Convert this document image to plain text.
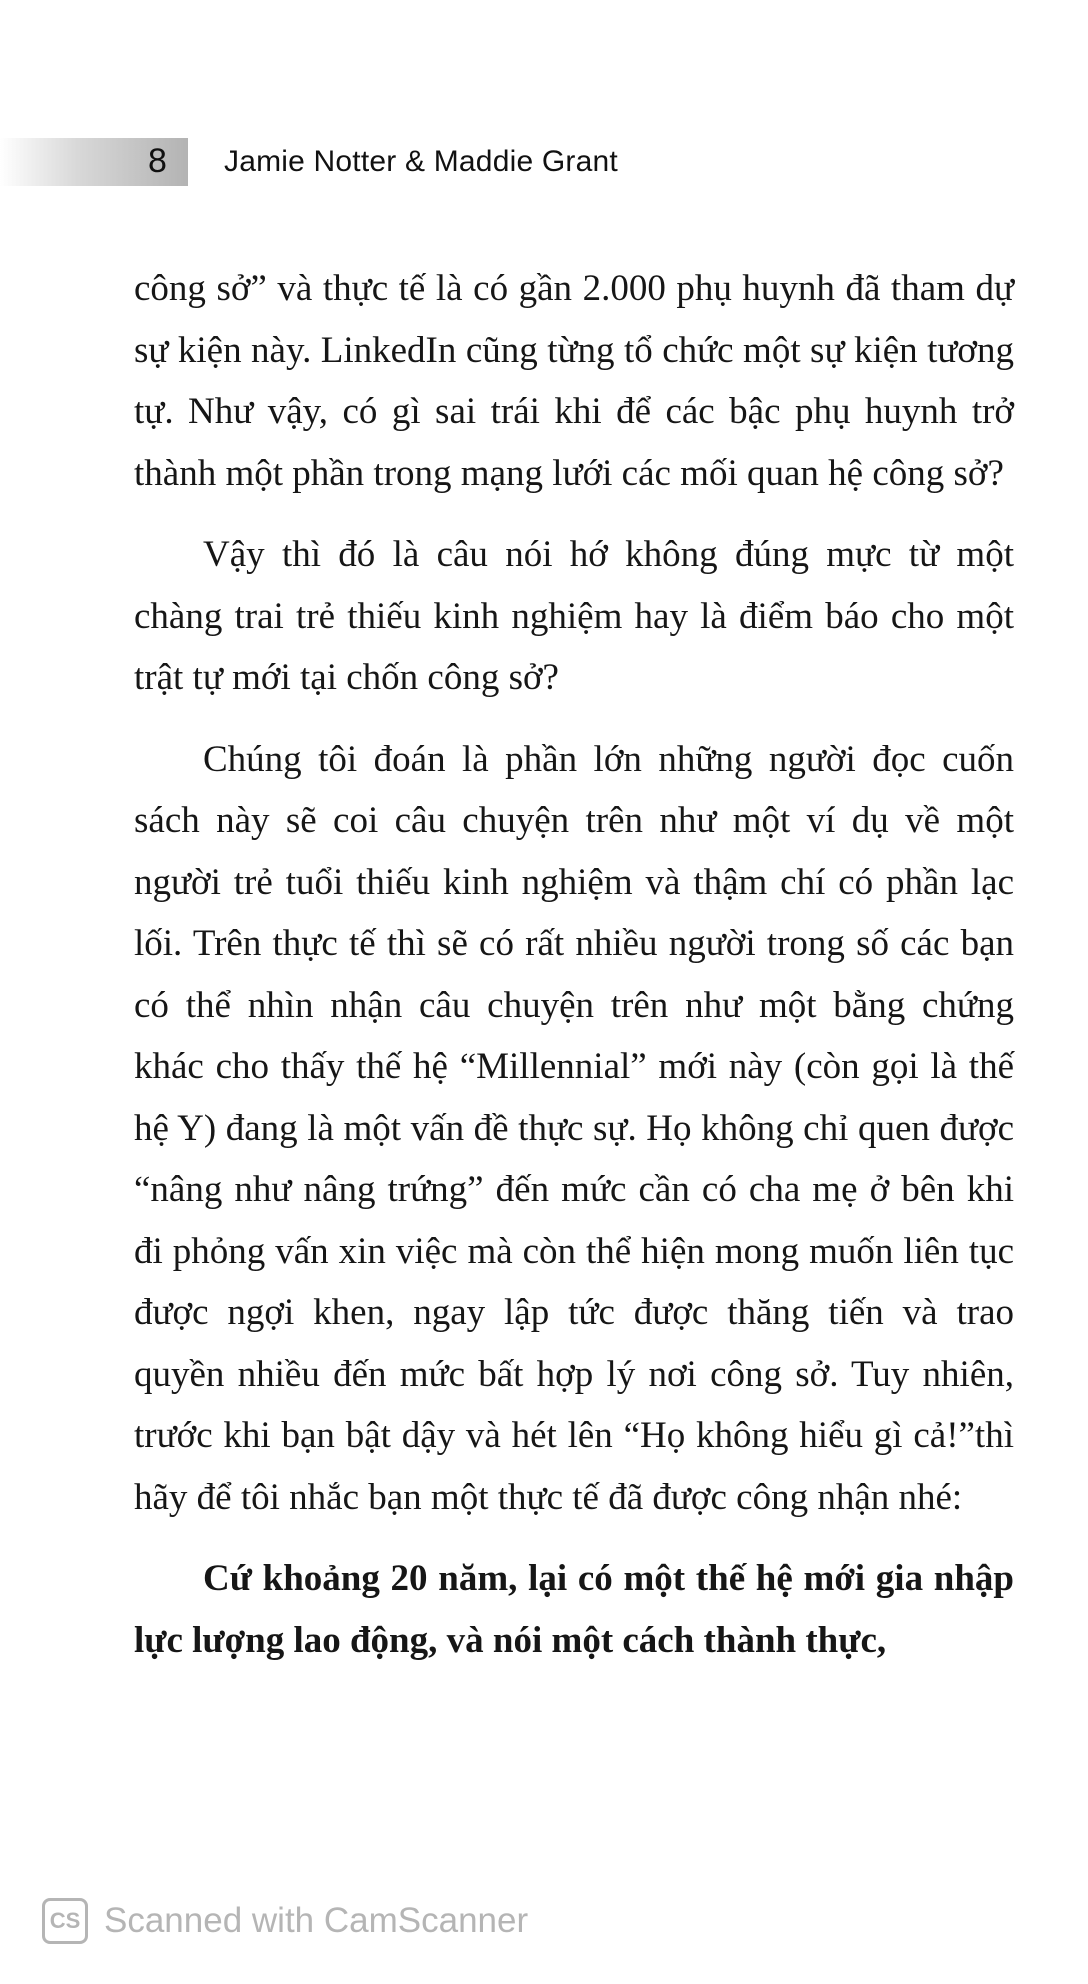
8 Jamie Notter & Maddie Grant

công sở” và thực tế là có gần 2.000 phụ huynh đã tham dự sự kiện này. LinkedIn cũng từng tổ chức một sự kiện tương tự. Như vậy, có gì sai trái khi để các bậc phụ huynh trở thành một phần trong mạng lưới các mối quan hệ công sở?

Vậy thì đó là câu nói hớ không đúng mực từ một chàng trai trẻ thiếu kinh nghiệm hay là điểm báo cho một trật tự mới tại chốn công sở?

Chúng tôi đoán là phần lớn những người đọc cuốn sách này sẽ coi câu chuyện trên như một ví dụ về một người trẻ tuổi thiếu kinh nghiệm và thậm chí có phần lạc lối. Trên thực tế thì sẽ có rất nhiều người trong số các bạn có thể nhìn nhận câu chuyện trên như một bằng chứng khác cho thấy thế hệ “Millennial” mới này (còn gọi là thế hệ Y) đang là một vấn đề thực sự. Họ không chỉ quen được “nâng như nâng trứng” đến mức cần có cha mẹ ở bên khi đi phỏng vấn xin việc mà còn thể hiện mong muốn liên tục được ngợi khen, ngay lập tức được thăng tiến và trao quyền nhiều đến mức bất hợp lý nơi công sở. Tuy nhiên, trước khi bạn bật dậy và hét lên “Họ không hiểu gì cả!”thì hãy để tôi nhắc bạn một thực tế đã được công nhận nhé:

Cứ khoảng 20 năm, lại có một thế hệ mới gia nhập lực lượng lao động, và nói một cách thành thực,

CS Scanned with CamScanner
